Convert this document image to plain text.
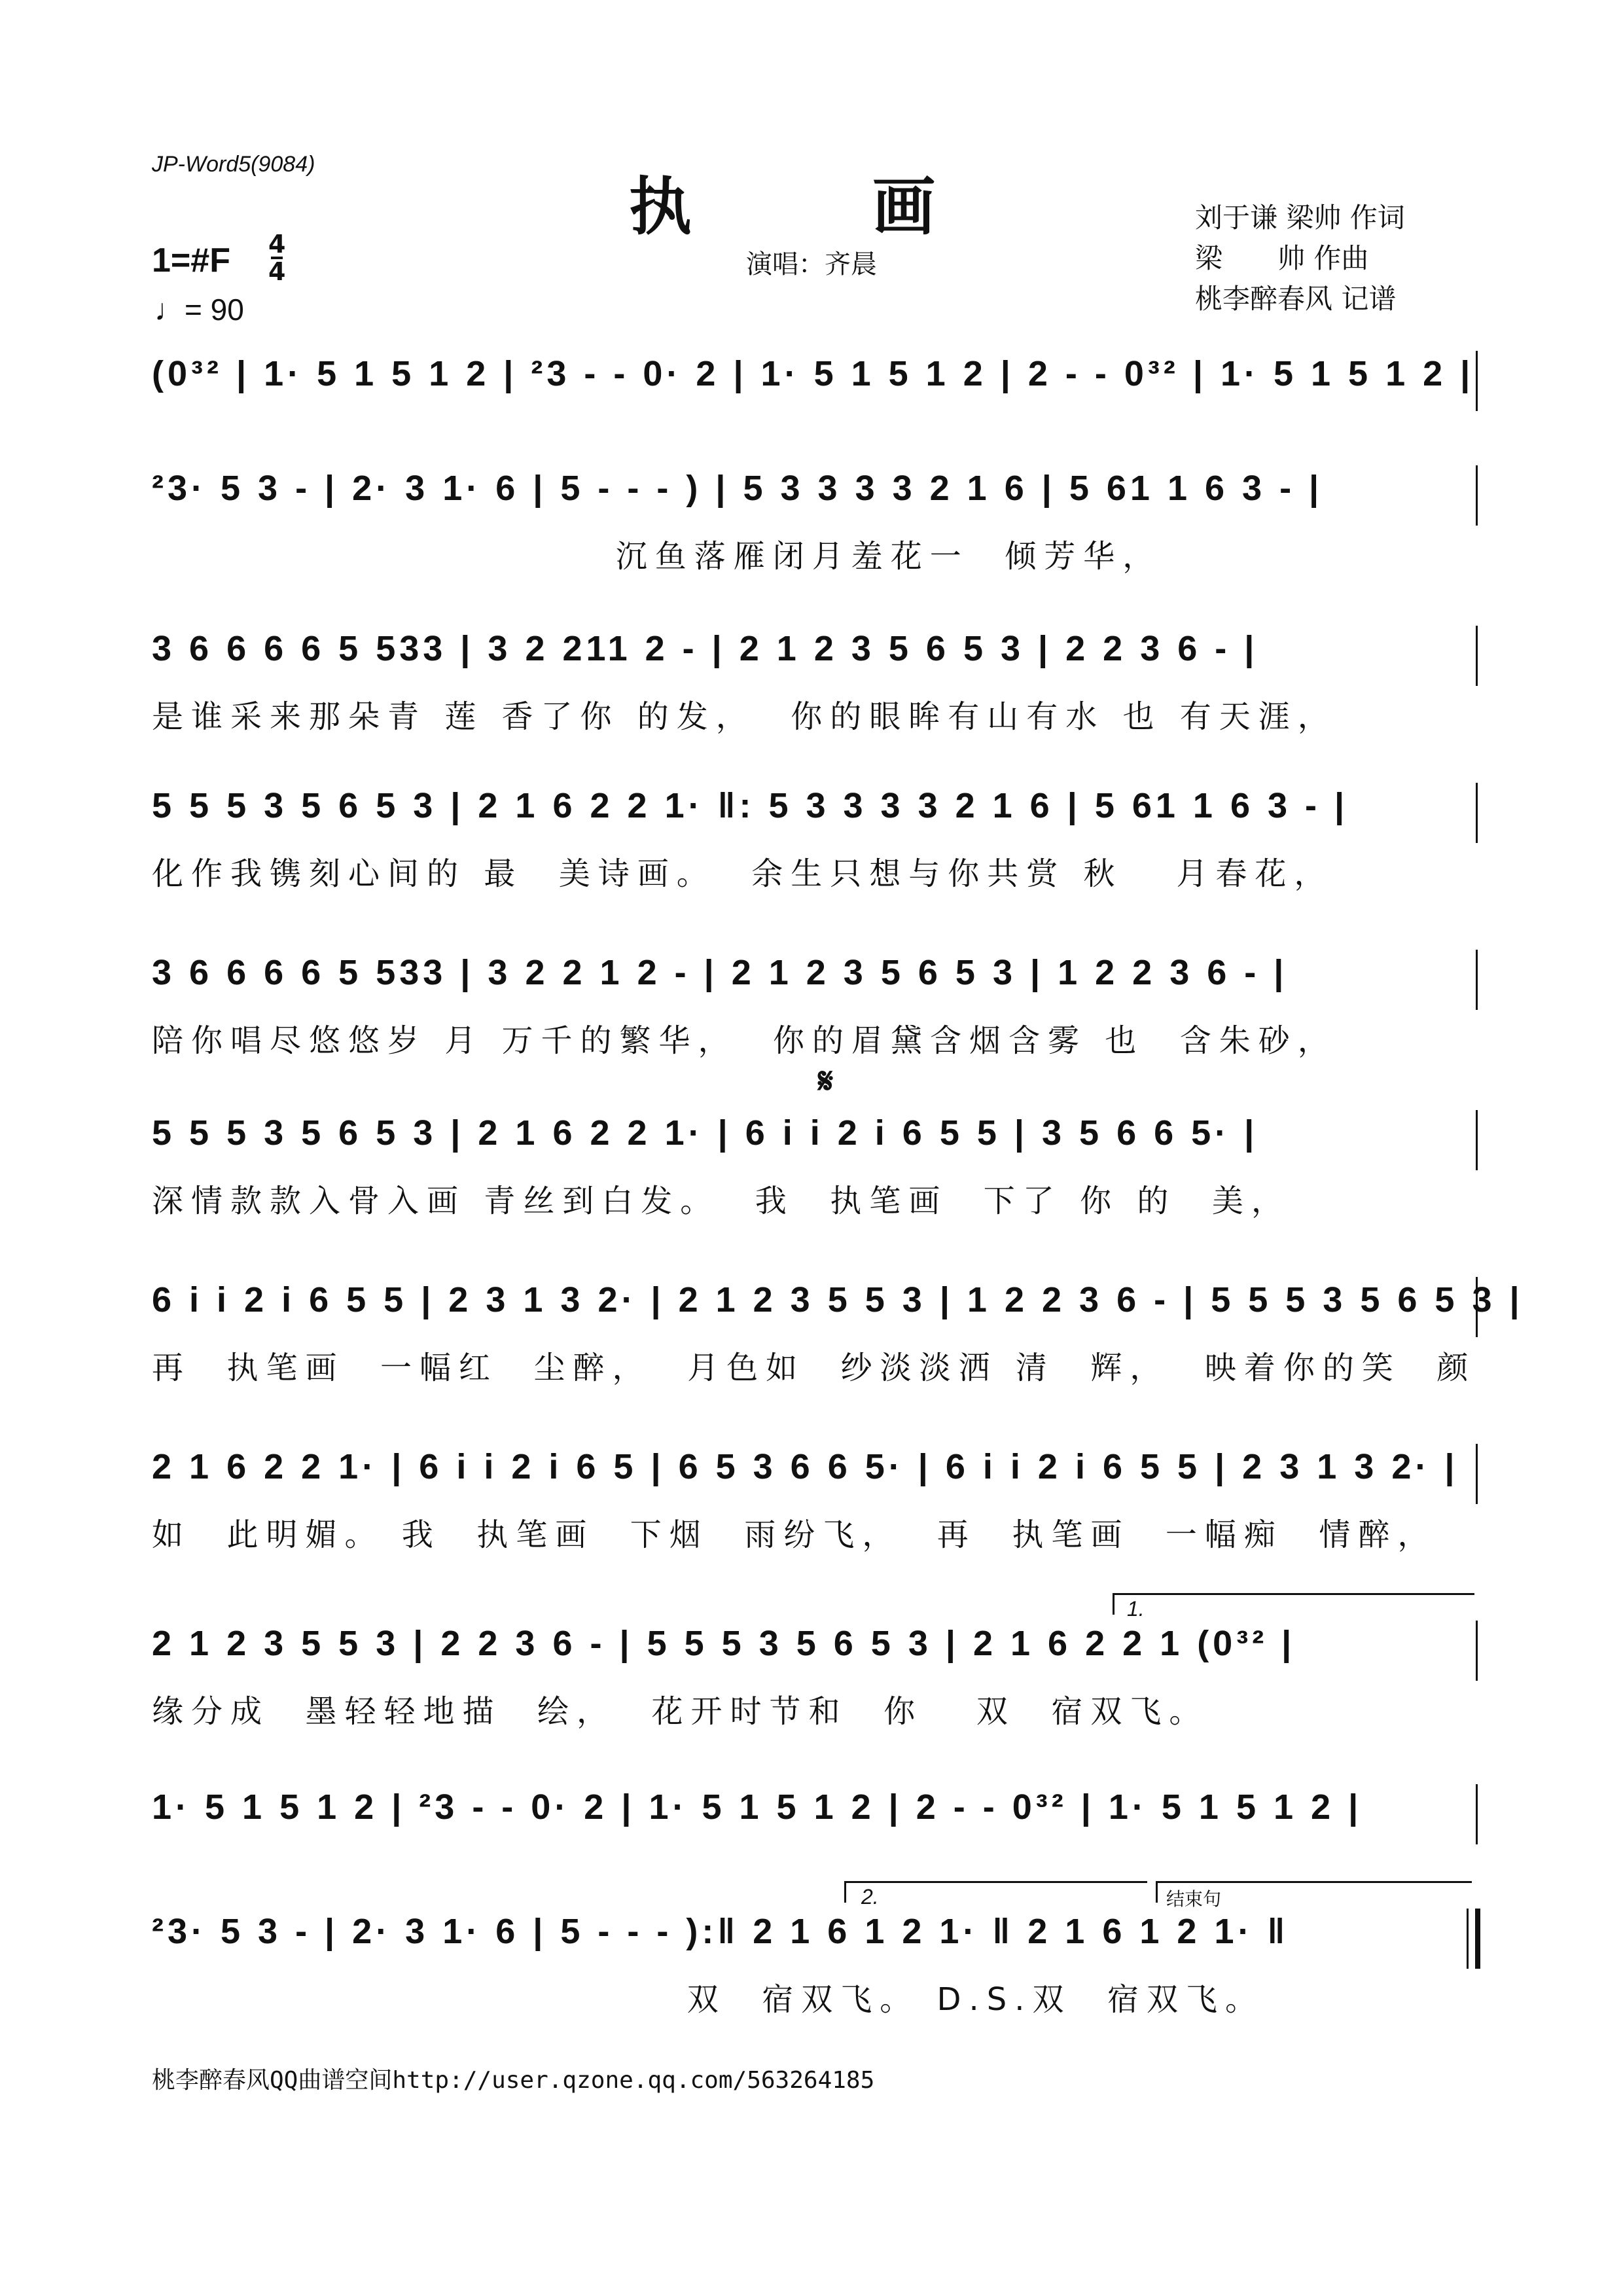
JP-Word5(9084)
执　画
演唱：齐晨
刘于谦 梁帅 作词
梁　　帅 作曲
桃李醉春风 记谱
1=#F 4
4
♩= 90
(0³² | 1· 5 1 5 1 2 | ²3 - - 0· 2 | 1· 5 1 5 1 2 | 2 - - 0³² | 1· 5 1 5 1 2 |
²3· 5 3 - | 2· 3 1· 6 | 5 - - - ) | 5 3 3 3 3 2 1 6 | 5 61 1 6 3 - |
沉鱼落雁闭月羞花一  倾芳华，
3 6 6 6 6 5 533 | 3 2 211 2 - | 2 1 2 3 5 6 5 3 | 2 2 3 6 - |
是谁采来那朵青 莲 香了你 的发，  你的眼眸有山有水 也 有天涯，
5 5 5 3 5 6 5 3 | 2 1 6 2 2 1· ‖: 5 3 3 3 3 2 1 6 | 5 61 1 6 3 - |
化作我镌刻心间的 最  美诗画。  余生只想与你共赏 秋   月春花，
3 6 6 6 6 5 533 | 3 2 2 1 2 - | 2 1 2 3 5 6 5 3 | 1 2 2 3 6 - |
陪你唱尽悠悠岁 月 万千的繁华，  你的眉黛含烟含雾 也  含朱砂，
𝄋
5 5 5 3 5 6 5 3 | 2 1 6 2 2 1· | 6 i i 2 i 6 5 5 | 3 5 6 6 5· |
深情款款入骨入画 青丝到白发。  我  执笔画  下了 你 的  美，
6 i i 2 i 6 5 5 | 2 3 1 3 2· | 2 1 2 3 5 5 3 | 1 2 2 3 6 - | 5 5 5 3 5 6 5 3 |
再  执笔画  一幅红  尘醉，  月色如  纱淡淡洒 清  辉，  映着你的笑  颜
2 1 6 2 2 1· | 6 i i 2 i 6 5 | 6 5 3 6 6 5· | 6 i i 2 i 6 5 5 | 2 3 1 3 2· |
如  此明媚。 我  执笔画  下烟  雨纷飞，  再  执笔画  一幅痴  情醉，
1.
2 1 2 3 5 5 3 | 2 2 3 6 - | 5 5 5 3 5 6 5 3 | 2 1 6 2 2 1 (0³² |
缘分成  墨轻轻地描  绘，  花开时节和  你   双  宿双飞。
1· 5 1 5 1 2 | ²3 - - 0· 2 | 1· 5 1 5 1 2 | 2 - - 0³² | 1· 5 1 5 1 2 |
2.	结束句
²3· 5 3 - | 2· 3 1· 6 | 5 - - - ):‖ 2 1 6 1 2 1· ‖ 2 1 6 1 2 1· ‖
双  宿双飞。 D.S.双  宿双飞。
桃李醉春风QQ曲谱空间http://user.qzone.qq.com/563264185
